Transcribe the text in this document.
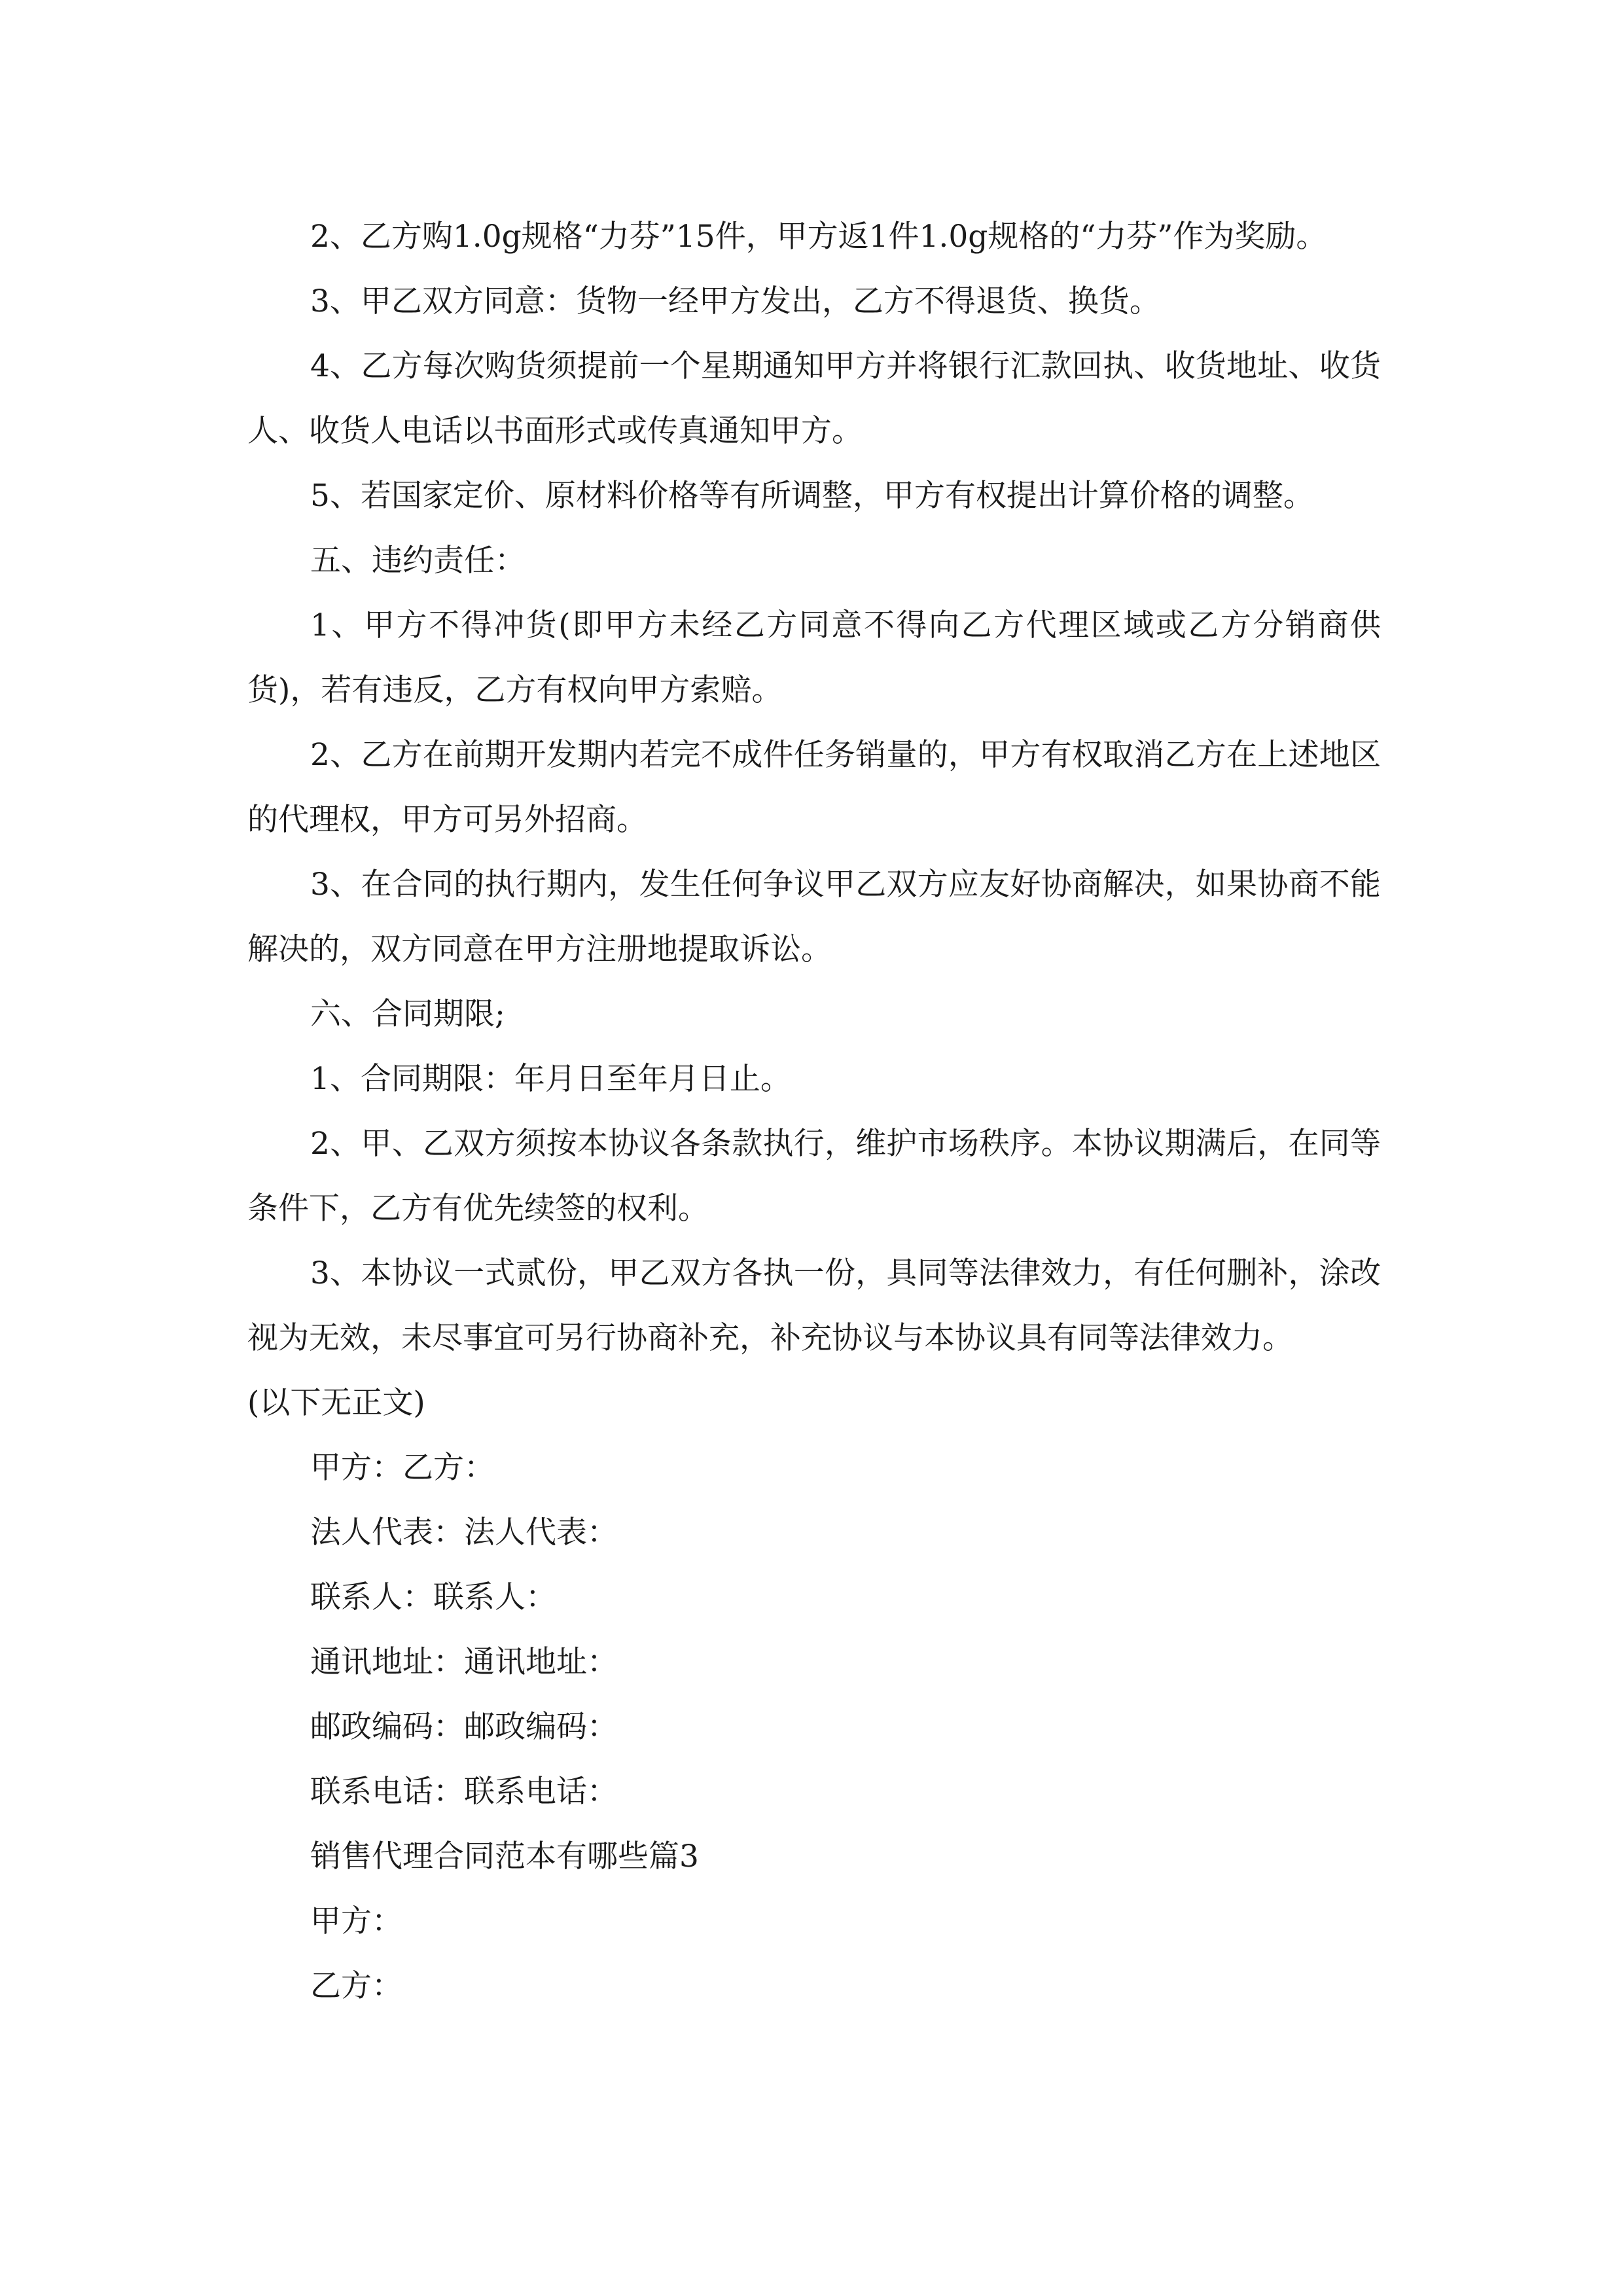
2、乙方购1.0g规格“力芬”15件，甲方返1件1.0g规格的“力芬”作为奖励。

3、甲乙双方同意：货物一经甲方发出，乙方不得退货、换货。

4、乙方每次购货须提前一个星期通知甲方并将银行汇款回执、收货地址、收货人、收货人电话以书面形式或传真通知甲方。

5、若国家定价、原材料价格等有所调整，甲方有权提出计算价格的调整。

五、违约责任：

1、甲方不得冲货(即甲方未经乙方同意不得向乙方代理区域或乙方分销商供货)，若有违反，乙方有权向甲方索赔。

2、乙方在前期开发期内若完不成件任务销量的，甲方有权取消乙方在上述地区的代理权，甲方可另外招商。

3、在合同的执行期内，发生任何争议甲乙双方应友好协商解决，如果协商不能解决的，双方同意在甲方注册地提取诉讼。

六、合同期限;

1、合同期限：年月日至年月日止。

2、甲、乙双方须按本协议各条款执行，维护市场秩序。本协议期满后，在同等条件下，乙方有优先续签的权利。

3、本协议一式贰份，甲乙双方各执一份，具同等法律效力，有任何删补，涂改视为无效，未尽事宜可另行协商补充，补充协议与本协议具有同等法律效力。

(以下无正文)

甲方：乙方：

法人代表：法人代表：

联系人：联系人：

通讯地址：通讯地址：

邮政编码：邮政编码：

联系电话：联系电话：

销售代理合同范本有哪些篇3

甲方：

乙方：
